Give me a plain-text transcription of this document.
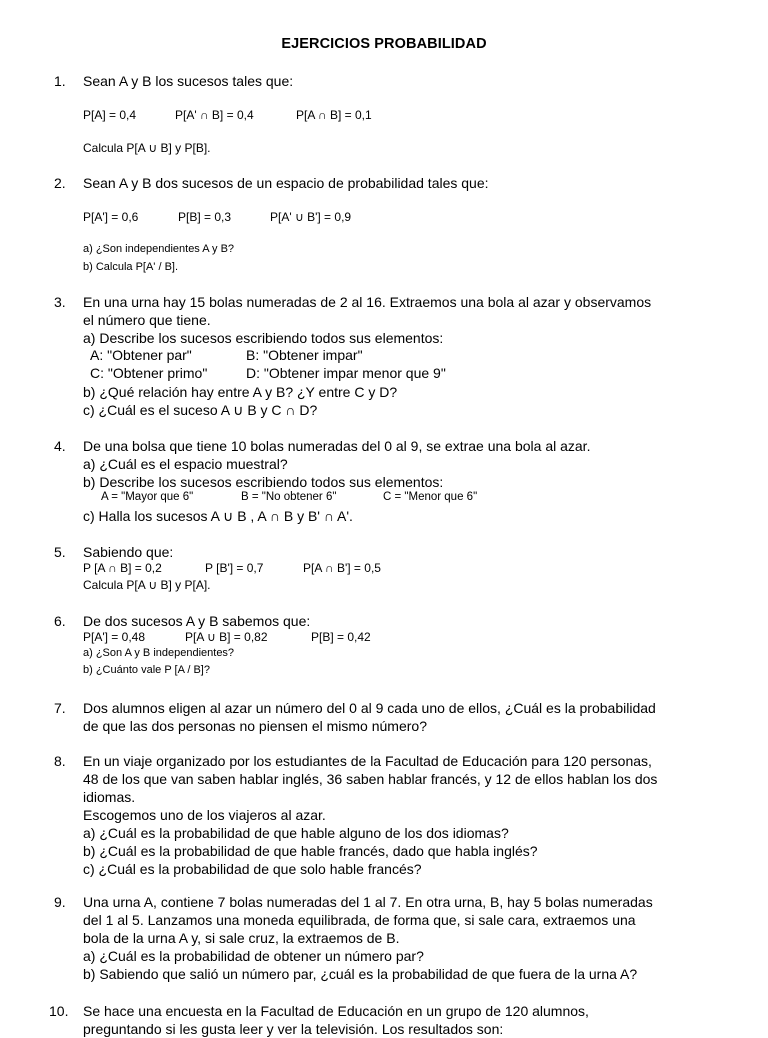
EJERCICIOS PROBABILIDAD
1. Sean A y B los sucesos tales que:
P[A] = 0,4	P[A' ∩ B] = 0,4	P[A ∩ B] = 0,1
Calcula P[A ∪ B] y P[B].
2. Sean A y B dos sucesos de un espacio de probabilidad tales que:
P[A'] = 0,6	P[B] = 0,3	P[A' ∪ B'] = 0,9
a) ¿Son independientes A y B?
b) Calcula P[A' / B].
3. En una urna hay 15 bolas numeradas de 2 al 16. Extraemos una bola al azar y observamos
el número que tiene.
a) Describe los sucesos escribiendo todos sus elementos:
A: "Obtener par"	B: "Obtener impar"
C: "Obtener primo"	D: "Obtener impar menor que 9"
b) ¿Qué relación hay entre A y B? ¿Y entre C y D?
c) ¿Cuál es el suceso A ∪ B y C ∩ D?
4. De una bolsa que tiene 10 bolas numeradas del 0 al 9, se extrae una bola al azar.
a) ¿Cuál es el espacio muestral?
b) Describe los sucesos escribiendo todos sus elementos:
A = "Mayor que 6"	B = "No obtener 6"	C = "Menor que 6"
c) Halla los sucesos A ∪ B , A ∩ B y B' ∩ A'.
5. Sabiendo que:
P [A ∩ B] = 0,2	P [B'] = 0,7	P[A ∩ B'] = 0,5
Calcula P[A ∪ B] y P[A].
6. De dos sucesos A y B sabemos que:
P[A'] = 0,48	P[A ∪ B] = 0,82	P[B] = 0,42
a) ¿Son A y B independientes?
b) ¿Cuánto vale P [A / B]?
7. Dos alumnos eligen al azar un número del 0 al 9 cada uno de ellos, ¿Cuál es la probabilidad
de que las dos personas no piensen el mismo número?
8. En un viaje organizado por los estudiantes de la Facultad de Educación para 120 personas,
48 de los que van saben hablar inglés, 36 saben hablar francés, y 12 de ellos hablan los dos
idiomas.
Escogemos uno de los viajeros al azar.
a) ¿Cuál es la probabilidad de que hable alguno de los dos idiomas?
b) ¿Cuál es la probabilidad de que hable francés, dado que habla inglés?
c) ¿Cuál es la probabilidad de que solo hable francés?
9. Una urna A, contiene 7 bolas numeradas del 1 al 7. En otra urna, B, hay 5 bolas numeradas
del 1 al 5. Lanzamos una moneda equilibrada, de forma que, si sale cara, extraemos una
bola de la urna A y, si sale cruz, la extraemos de B.
a) ¿Cuál es la probabilidad de obtener un número par?
b) Sabiendo que salió un número par, ¿cuál es la probabilidad de que fuera de la urna A?
10. Se hace una encuesta en la Facultad de Educación en un grupo de 120 alumnos,
preguntando si les gusta leer y ver la televisión. Los resultados son:
